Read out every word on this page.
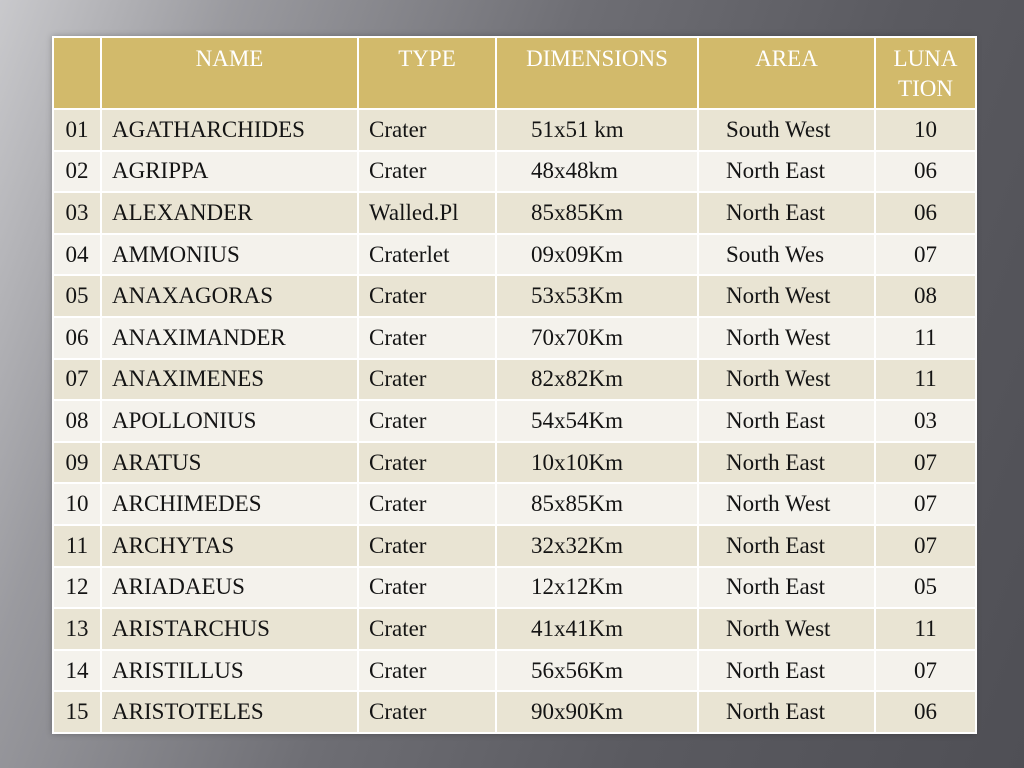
	NAME	TYPE	DIMENSIONS	AREA	LUNA
TION
01	AGATHARCHIDES	Crater	51x51 km	South West	10
02	AGRIPPA	Crater	48x48km	North East	06
03	ALEXANDER	Walled.Pl	85x85Km	North East	06
04	AMMONIUS	Craterlet	09x09Km	South Wes	07
05	ANAXAGORAS	Crater	53x53Km	North West	08
06	ANAXIMANDER	Crater	70x70Km	North West	11
07	ANAXIMENES	Crater	82x82Km	North West	11
08	APOLLONIUS	Crater	54x54Km	North East	03
09	ARATUS	Crater	10x10Km	North East	07
10	ARCHIMEDES	Crater	85x85Km	North West	07
11	ARCHYTAS	Crater	32x32Km	North East	07
12	ARIADAEUS	Crater	12x12Km	North East	05
13	ARISTARCHUS	Crater	41x41Km	North West	11
14	ARISTILLUS	Crater	56x56Km	North East	07
15	ARISTOTELES	Crater	90x90Km	North East	06
